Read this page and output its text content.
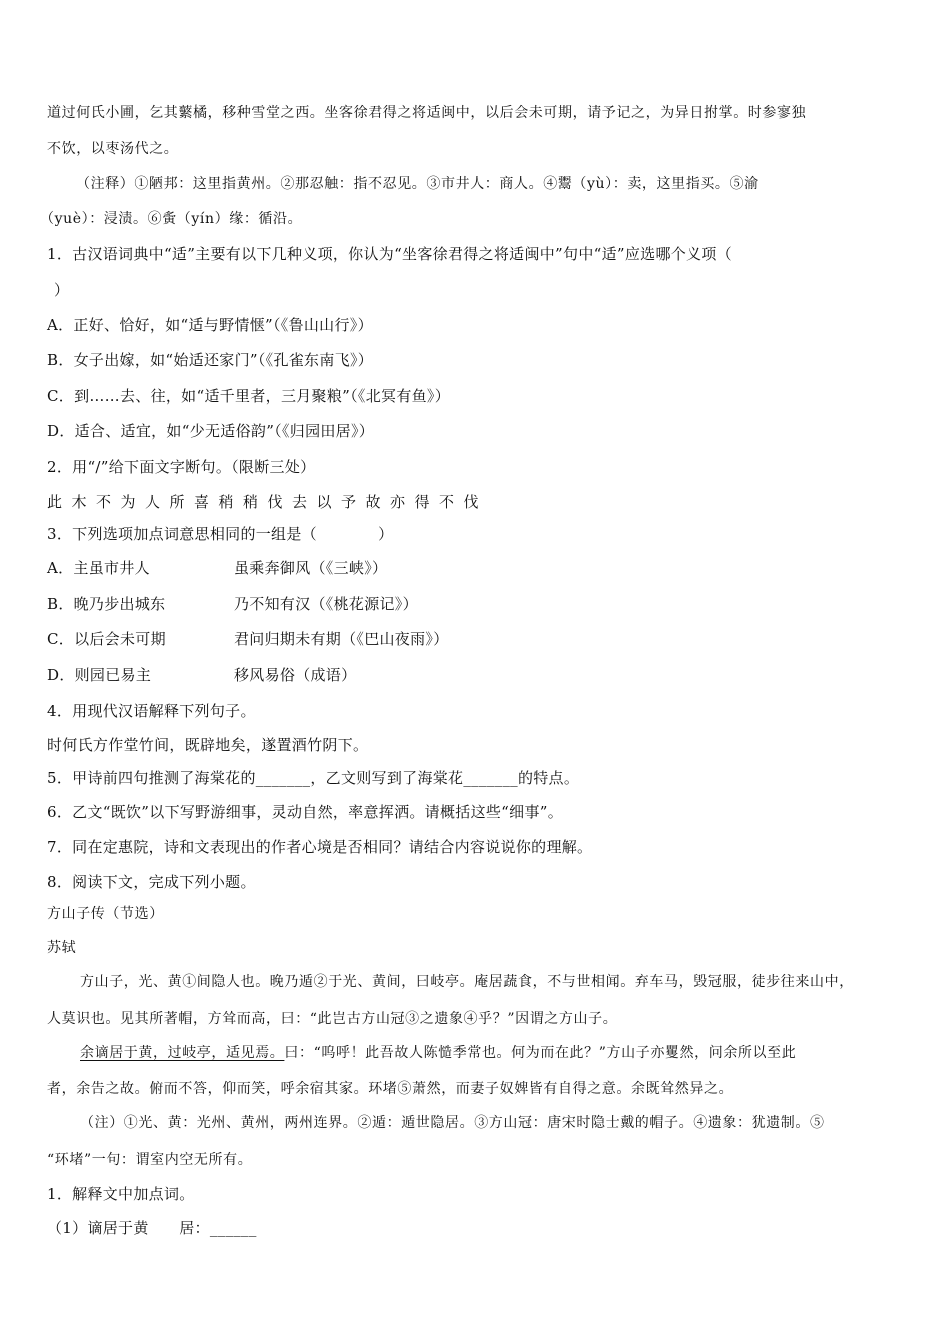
道过何氏小圃，乞其蘩橘，移种雪堂之西。坐客徐君得之将适闽中，以后会未可期，请予记之，为异日拊掌。时参寥独
不饮，以枣汤代之。
（注释）①陋邦：这里指黄州。②那忍触：指不忍见。③市井人：商人。④鬻（yù）：卖，这里指买。⑤渝
（yuè）：浸渍。⑥夤（yín）缘：循沿。
1．古汉语词典中“适”主要有以下几种义项，你认为“坐客徐君得之将适闽中”句中“适”应选哪个义项（
）
A．正好、恰好，如“适与野情惬”（《鲁山山行》）
B．女子出嫁，如“始适还家门”（《孔雀东南飞》）
C．到……去、往，如“适千里者，三月聚粮”（《北冥有鱼》）
D．适合、适宜，如“少无适俗韵”（《归园田居》）
2．用“/”给下面文字断句。（限断三处）
此木不为人所喜稍稍伐去以予故亦得不伐
3．下列选项加点词意思相同的一组是（　　　　）
A．主虽市井人	虽乘奔御风（《三峡》）
B．晚乃步出城东	乃不知有汉（《桃花源记》）
C．以后会未可期	君问归期未有期（《巴山夜雨》）
D．则园已易主	移风易俗（成语）
4．用现代汉语解释下列句子。
时何氏方作堂竹间，既辟地矣，遂置酒竹阴下。
5．甲诗前四句推测了海棠花的_______，乙文则写到了海棠花_______的特点。
6．乙文“既饮”以下写野游细事，灵动自然，率意挥洒。请概括这些“细事”。
7．同在定惠院，诗和文表现出的作者心境是否相同？请结合内容说说你的理解。
8．阅读下文，完成下列小题。
方山子传（节选）
苏轼
方山子，光、黄①间隐人也。晚乃遁②于光、黄间，曰岐亭。庵居蔬食，不与世相闻。弃车马，毁冠服，徒步往来山中，
人莫识也。见其所著帽，方耸而高，曰：“此岂古方山冠③之遗象④乎？”因谓之方山子。
余谪居于黄，过岐亭，适见焉。曰：“呜呼！此吾故人陈慥季常也。何为而在此？”方山子亦矍然，问余所以至此
者，余告之故。俯而不答，仰而笑，呼余宿其家。环堵⑤萧然，而妻子奴婢皆有自得之意。余既耸然异之。
（注）①光、黄：光州、黄州，两州连界。②遁：遁世隐居。③方山冠：唐宋时隐士戴的帽子。④遗象：犹遗制。⑤
“环堵”一句：谓室内空无所有。
1．解释文中加点词。
（1）谪居于黄　　居：______
